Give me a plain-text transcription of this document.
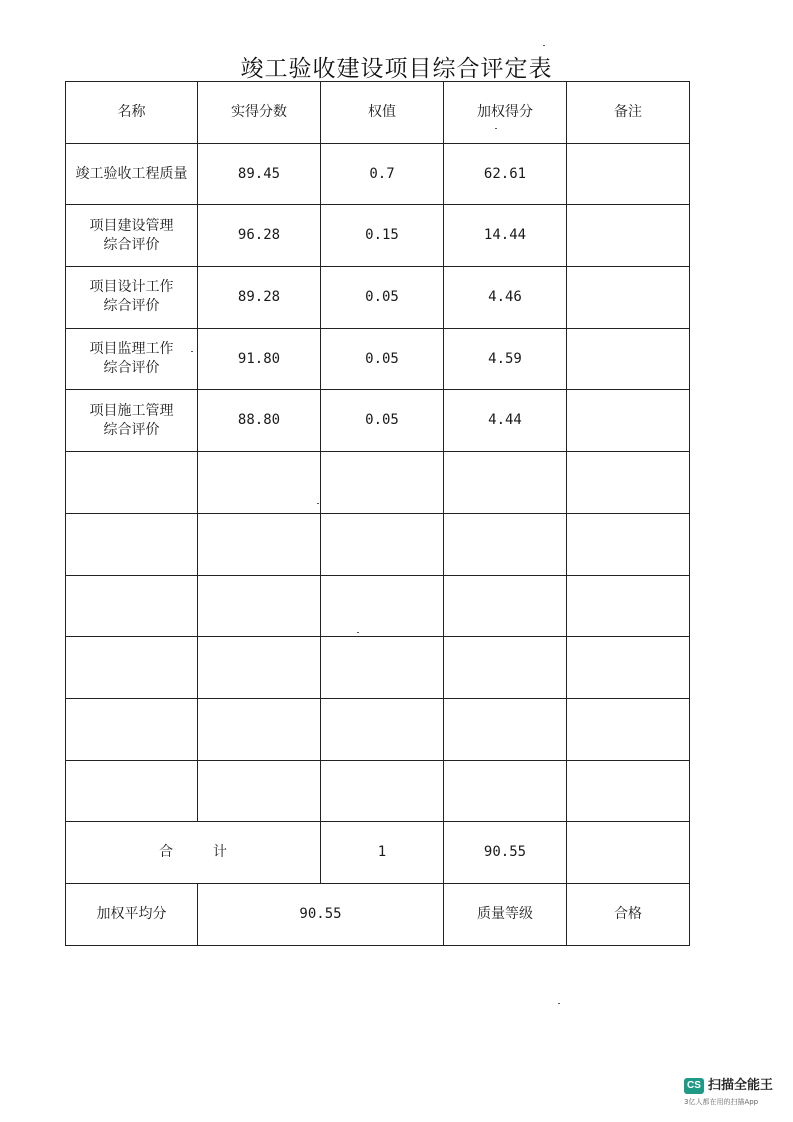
竣工验收建设项目综合评定表
名称	实得分数	权值	加权得分	备注
竣工验收工程质量	89.45	0.7	62.61	

项目建设管理
综合评价	96.28	0.15	14.44	

项目设计工作
综合评价	89.28	0.05	4.46	

项目监理工作
综合评价	91.80	0.05	4.59	

项目施工管理
综合评价	88.80	0.05	4.44	

合 计		1	90.55	
加权平均分	90.55		质量等级	合格
CS 扫描全能王
3亿人都在用的扫描App
